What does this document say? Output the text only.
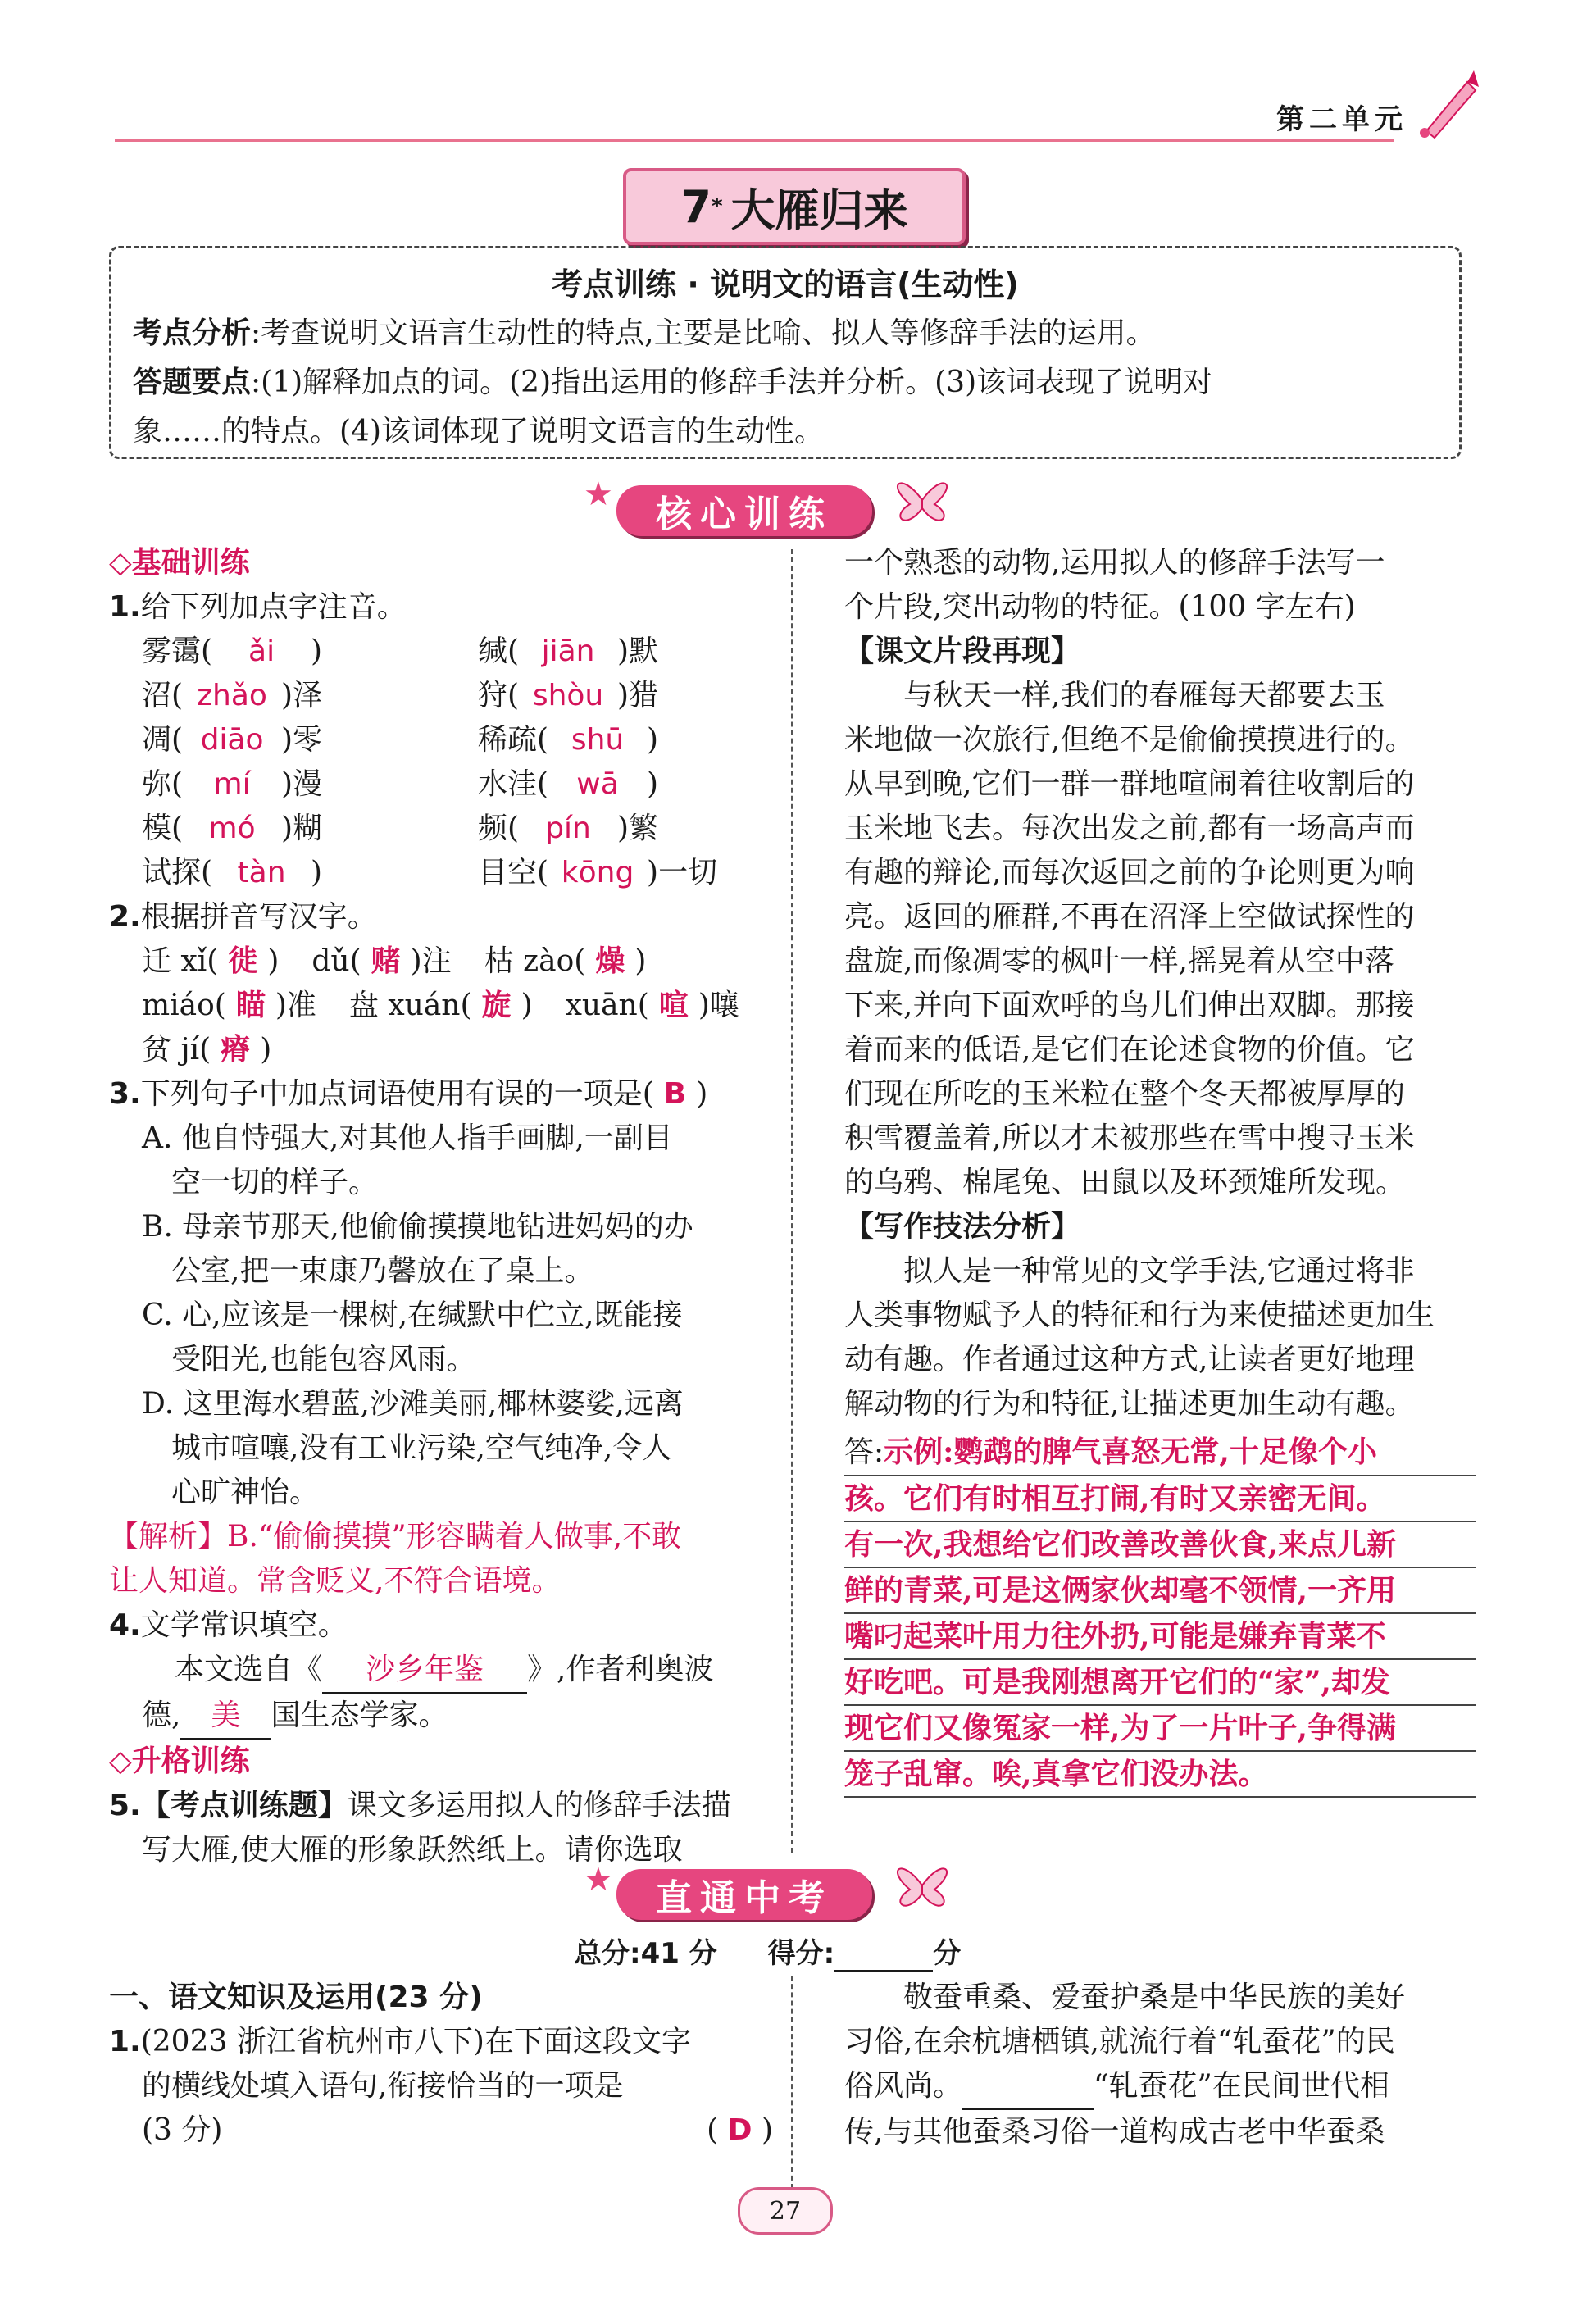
第二单元
7 * 大雁归来
考点训练 · 说明文的语言(生动性)
考点分析:考查说明文语言生动性的特点,主要是比喻、拟人等修辞手法的运用。
答题要点:(1)解释加点的词。(2)指出运用的修辞手法并分析。(3)该词表现了说明对
象……的特点。(4)该词体现了说明文语言的生动性。
核心训练
★

◇基础训练

1.给下列加点字注音。

雾霭( ǎi )	缄( jiān )默
沼( zhǎo )泽	狩( shòu )猎
凋( diāo )零	稀疏( shū )
弥( mí )漫	水洼( wā )
模( mó )糊	频( pín )繁
试探( tàn )	目空( kōng )一切

2.根据拼音写汉字。

迁 xǐ( 徙 ) dǔ( 赌 )注 枯 zào( 燥 )
miáo( 瞄 )准 盘 xuán( 旋 ) xuān( 喧 )嚷
贫 jí( 瘠 )

3.下列句子中加点词语使用有误的一项是( B )

A. 他自恃强大,对其他人指手画脚,一副目

空一切的样子。

B. 母亲节那天,他偷偷摸摸地钻进妈妈的办

公室,把一束康乃馨放在了桌上。

C. 心,应该是一棵树,在缄默中伫立,既能接

受阳光,也能包容风雨。

D. 这里海水碧蓝,沙滩美丽,椰林婆娑,远离

城市喧嚷,没有工业污染,空气纯净,令人

心旷神怡。

【解析】B.“偷偷摸摸”形容瞒着人做事,不敢

让人知道。常含贬义,不符合语境。

4.文学常识填空。

本文选自《 沙乡年鉴 》,作者利奥波

德, 美 国生态学家。

◇升格训练

5.【考点训练题】课文多运用拟人的修辞手法描

写大雁,使大雁的形象跃然纸上。请你选取

一个熟悉的动物,运用拟人的修辞手法写一

个片段,突出动物的特征。(100 字左右)

【课文片段再现】

与秋天一样,我们的春雁每天都要去玉

米地做一次旅行,但绝不是偷偷摸摸进行的。

从早到晚,它们一群一群地喧闹着往收割后的

玉米地飞去。每次出发之前,都有一场高声而

有趣的辩论,而每次返回之前的争论则更为响

亮。返回的雁群,不再在沼泽上空做试探性的

盘旋,而像凋零的枫叶一样,摇晃着从空中落

下来,并向下面欢呼的鸟儿们伸出双脚。那接

着而来的低语,是它们在论述食物的价值。它

们现在所吃的玉米粒在整个冬天都被厚厚的

积雪覆盖着,所以才未被那些在雪中搜寻玉米

的乌鸦、棉尾兔、田鼠以及环颈雉所发现。

【写作技法分析】

拟人是一种常见的文学手法,它通过将非

人类事物赋予人的特征和行为来使描述更加生

动有趣。作者通过这种方式,让读者更好地理

解动物的行为和特征,让描述更加生动有趣。

答:示例:鹦鹉的脾气喜怒无常,十足像个小

孩。它们有时相互打闹,有时又亲密无间。

有一次,我想给它们改善改善伙食,来点儿新

鲜的青菜,可是这俩家伙却毫不领情,一齐用

嘴叼起菜叶用力往外扔,可能是嫌弃青菜不

好吃吧。可是我刚想离开它们的“家”,却发

现它们又像冤家一样,为了一片叶子,争得满

笼子乱窜。唉,真拿它们没办法。

直通中考
★
总分:41 分 得分:	分

一、语文知识及运用(23 分)

1.(2023 浙江省杭州市八下)在下面这段文字

的横线处填入语句,衔接恰当的一项是

(3 分)	( D )

敬蚕重桑、爱蚕护桑是中华民族的美好

习俗,在余杭塘栖镇,就流行着“轧蚕花”的民

俗风尚。	“轧蚕花”在民间世代相

传,与其他蚕桑习俗一道构成古老中华蚕桑

27
